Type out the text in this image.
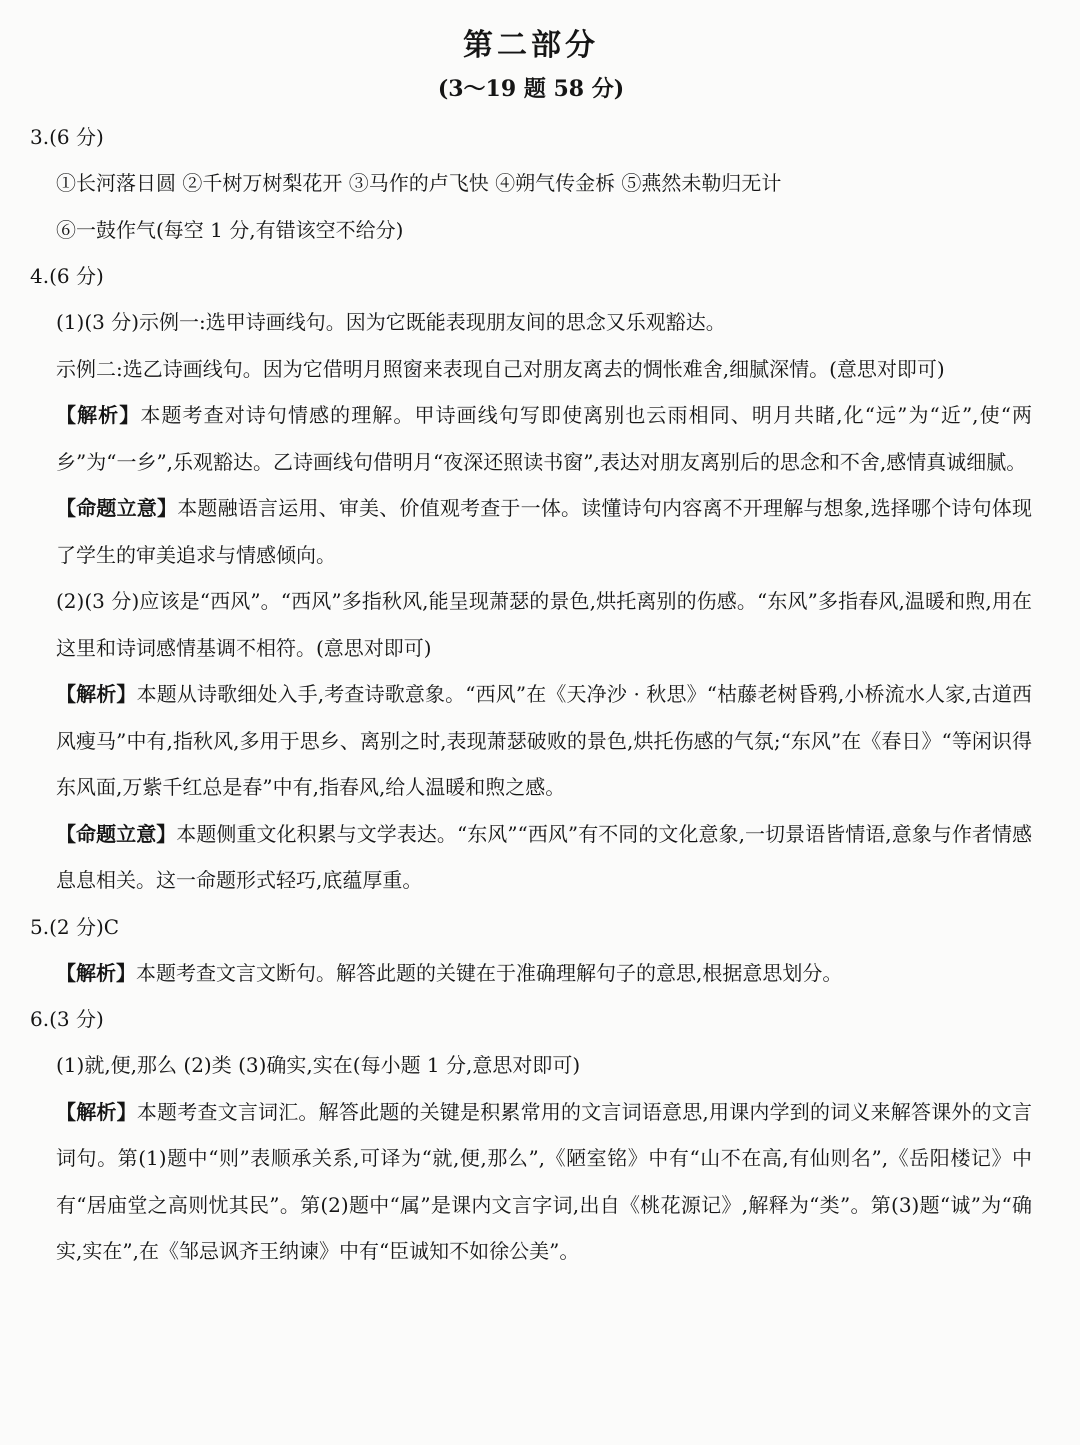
第二部分
(3～19 题 58 分)
3.(6 分)
①长河落日圆 ②千树万树梨花开 ③马作的卢飞快 ④朔气传金柝 ⑤燕然未勒归无计
⑥一鼓作气(每空 1 分,有错该空不给分)
4.(6 分)
(1)(3 分)示例一:选甲诗画线句。因为它既能表现朋友间的思念又乐观豁达。
示例二:选乙诗画线句。因为它借明月照窗来表现自己对朋友离去的惆怅难舍,细腻深情。(意思对即可)
【解析】本题考查对诗句情感的理解。甲诗画线句写即使离别也云雨相同、明月共睹,化“远”为“近”,使“两乡”为“一乡”,乐观豁达。乙诗画线句借明月“夜深还照读书窗”,表达对朋友离别后的思念和不舍,感情真诚细腻。
【命题立意】本题融语言运用、审美、价值观考查于一体。读懂诗句内容离不开理解与想象,选择哪个诗句体现了学生的审美追求与情感倾向。
(2)(3 分)应该是“西风”。“西风”多指秋风,能呈现萧瑟的景色,烘托离别的伤感。“东风”多指春风,温暖和煦,用在这里和诗词感情基调不相符。(意思对即可)
【解析】本题从诗歌细处入手,考查诗歌意象。“西风”在《天净沙 · 秋思》“枯藤老树昏鸦,小桥流水人家,古道西风瘦马”中有,指秋风,多用于思乡、离别之时,表现萧瑟破败的景色,烘托伤感的气氛;“东风”在《春日》“等闲识得东风面,万紫千红总是春”中有,指春风,给人温暖和煦之感。
【命题立意】本题侧重文化积累与文学表达。“东风”“西风”有不同的文化意象,一切景语皆情语,意象与作者情感息息相关。这一命题形式轻巧,底蕴厚重。
5.(2 分)C
【解析】本题考查文言文断句。解答此题的关键在于准确理解句子的意思,根据意思划分。
6.(3 分)
(1)就,便,那么 (2)类 (3)确实,实在(每小题 1 分,意思对即可)
【解析】本题考查文言词汇。解答此题的关键是积累常用的文言词语意思,用课内学到的词义来解答课外的文言词句。第(1)题中“则”表顺承关系,可译为“就,便,那么”,《陋室铭》中有“山不在高,有仙则名”,《岳阳楼记》中有“居庙堂之高则忧其民”。第(2)题中“属”是课内文言字词,出自《桃花源记》,解释为“类”。第(3)题“诚”为“确实,实在”,在《邹忌讽齐王纳谏》中有“臣诚知不如徐公美”。
